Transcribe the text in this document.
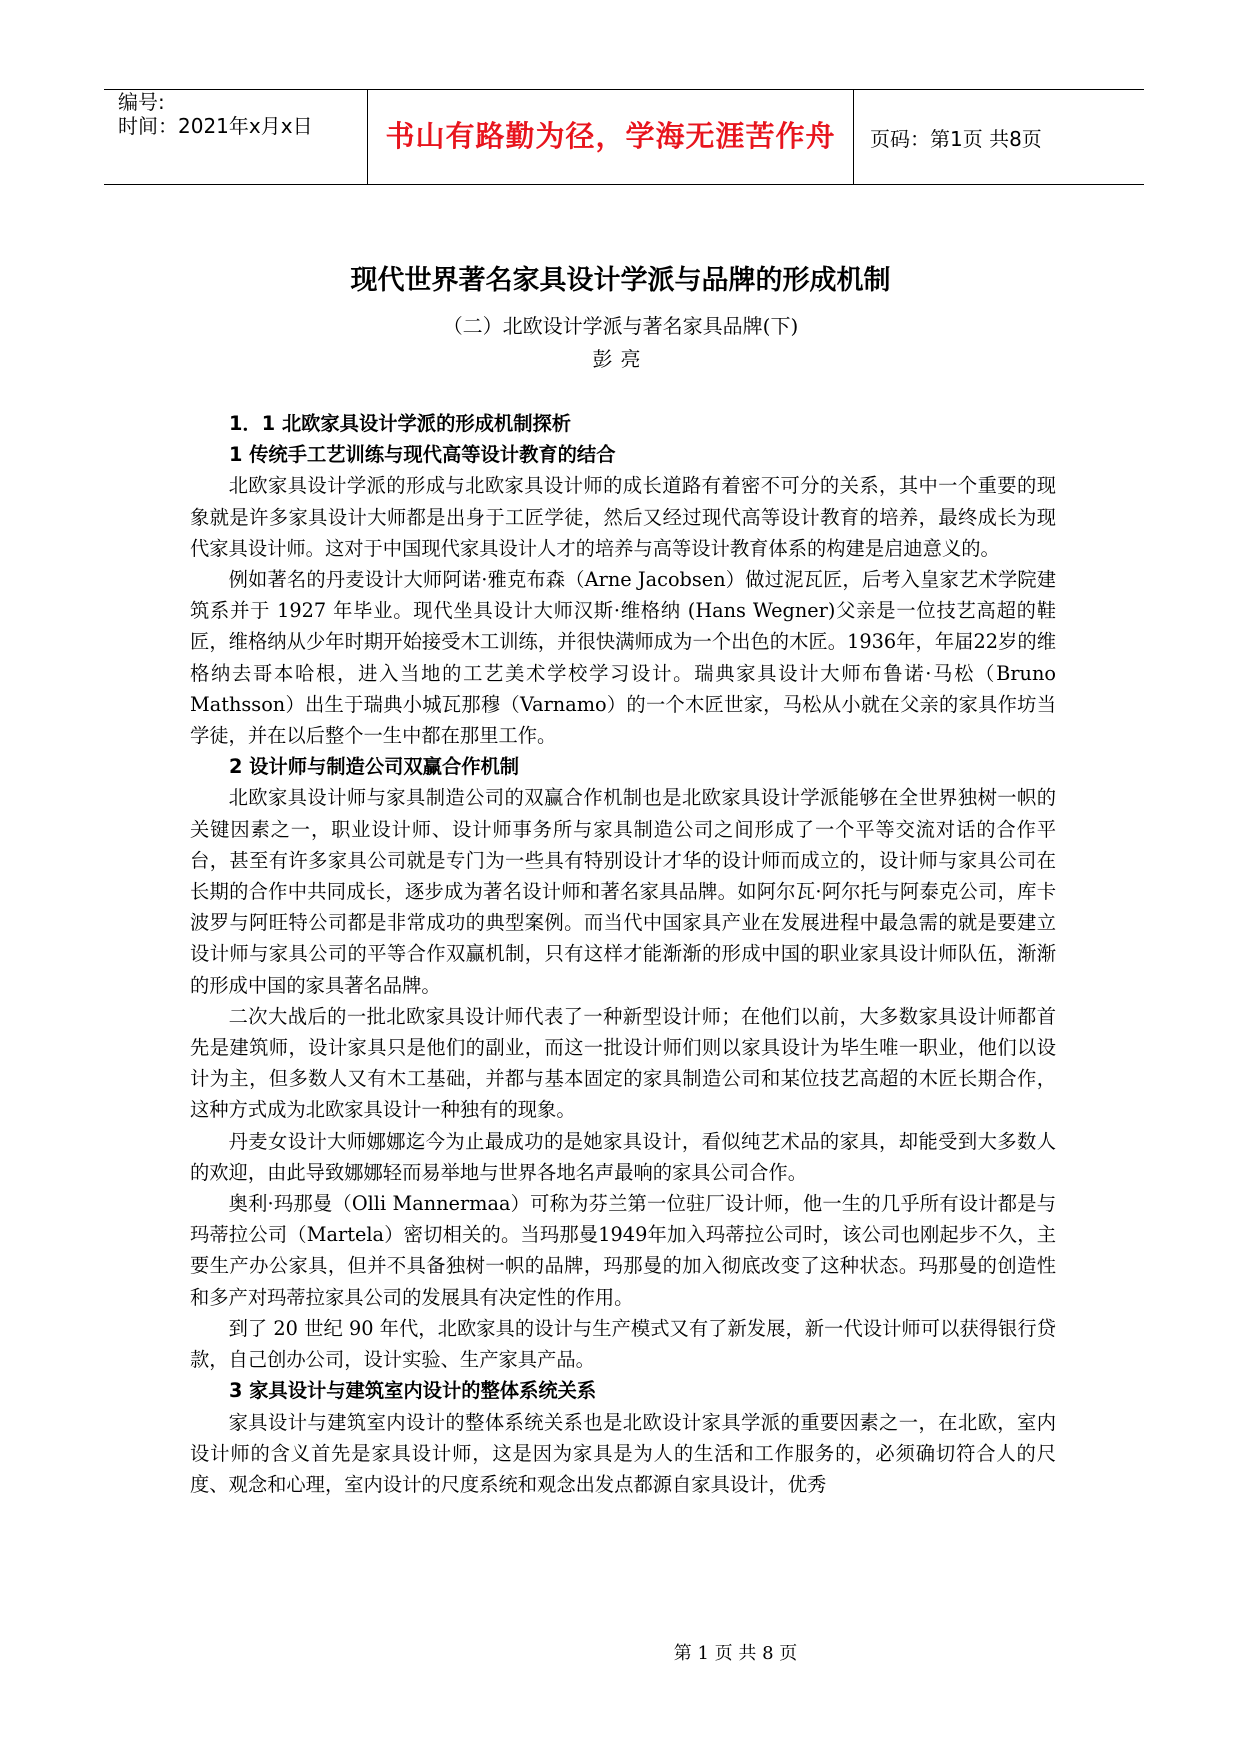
编号:
时间：2021年x月x日	书山有路勤为径，学海无涯苦作舟	页码：第1页 共8页
现代世界著名家具设计学派与品牌的形成机制
（二）北欧设计学派与著名家具品牌(下)
彭亮
1．1 北欧家具设计学派的形成机制探析
1 传统手工艺训练与现代高等设计教育的结合

北欧家具设计学派的形成与北欧家具设计师的成长道路有着密不可分的关系，其中一个重要的现象就是许多家具设计大师都是出身于工匠学徒，然后又经过现代高等设计教育的培养，最终成长为现代家具设计师。这对于中国现代家具设计人才的培养与高等设计教育体系的构建是启迪意义的。

例如著名的丹麦设计大师阿诺·雅克布森（Arne Jacobsen）做过泥瓦匠，后考入皇家艺术学院建筑系并于 1927 年毕业。现代坐具设计大师汉斯·维格纳 (Hans Wegner)父亲是一位技艺高超的鞋匠，维格纳从少年时期开始接受木工训练，并很快满师成为一个出色的木匠。1936年，年届22岁的维格纳去哥本哈根，进入当地的工艺美术学校学习设计。瑞典家具设计大师布鲁诺·马松（Bruno Mathsson）出生于瑞典小城瓦那穆（Varnamo）的一个木匠世家，马松从小就在父亲的家具作坊当学徒，并在以后整个一生中都在那里工作。

2 设计师与制造公司双赢合作机制

北欧家具设计师与家具制造公司的双赢合作机制也是北欧家具设计学派能够在全世界独树一帜的关键因素之一，职业设计师、设计师事务所与家具制造公司之间形成了一个平等交流对话的合作平台，甚至有许多家具公司就是专门为一些具有特别设计才华的设计师而成立的，设计师与家具公司在长期的合作中共同成长，逐步成为著名设计师和著名家具品牌。如阿尔瓦·阿尔托与阿泰克公司，库卡波罗与阿旺特公司都是非常成功的典型案例。而当代中国家具产业在发展进程中最急需的就是要建立设计师与家具公司的平等合作双赢机制，只有这样才能渐渐的形成中国的职业家具设计师队伍，渐渐的形成中国的家具著名品牌。

二次大战后的一批北欧家具设计师代表了一种新型设计师；在他们以前，大多数家具设计师都首先是建筑师，设计家具只是他们的副业，而这一批设计师们则以家具设计为毕生唯一职业，他们以设计为主，但多数人又有木工基础，并都与基本固定的家具制造公司和某位技艺高超的木匠长期合作，这种方式成为北欧家具设计一种独有的现象。

丹麦女设计大师娜娜迄今为止最成功的是她家具设计，看似纯艺术品的家具，却能受到大多数人的欢迎，由此导致娜娜轻而易举地与世界各地名声最响的家具公司合作。

奥利·玛那曼（Olli Mannermaa）可称为芬兰第一位驻厂设计师，他一生的几乎所有设计都是与玛蒂拉公司（Martela）密切相关的。当玛那曼1949年加入玛蒂拉公司时，该公司也刚起步不久，主要生产办公家具，但并不具备独树一帜的品牌，玛那曼的加入彻底改变了这种状态。玛那曼的创造性和多产对玛蒂拉家具公司的发展具有决定性的作用。

到了 20 世纪 90 年代，北欧家具的设计与生产模式又有了新发展，新一代设计师可以获得银行贷款，自己创办公司，设计实验、生产家具产品。

3 家具设计与建筑室内设计的整体系统关系

家具设计与建筑室内设计的整体系统关系也是北欧设计家具学派的重要因素之一，在北欧，室内设计师的含义首先是家具设计师，这是因为家具是为人的生活和工作服务的，必须确切符合人的尺度、观念和心理，室内设计的尺度系统和观念出发点都源自家具设计，优秀

第 1 页 共 8 页
